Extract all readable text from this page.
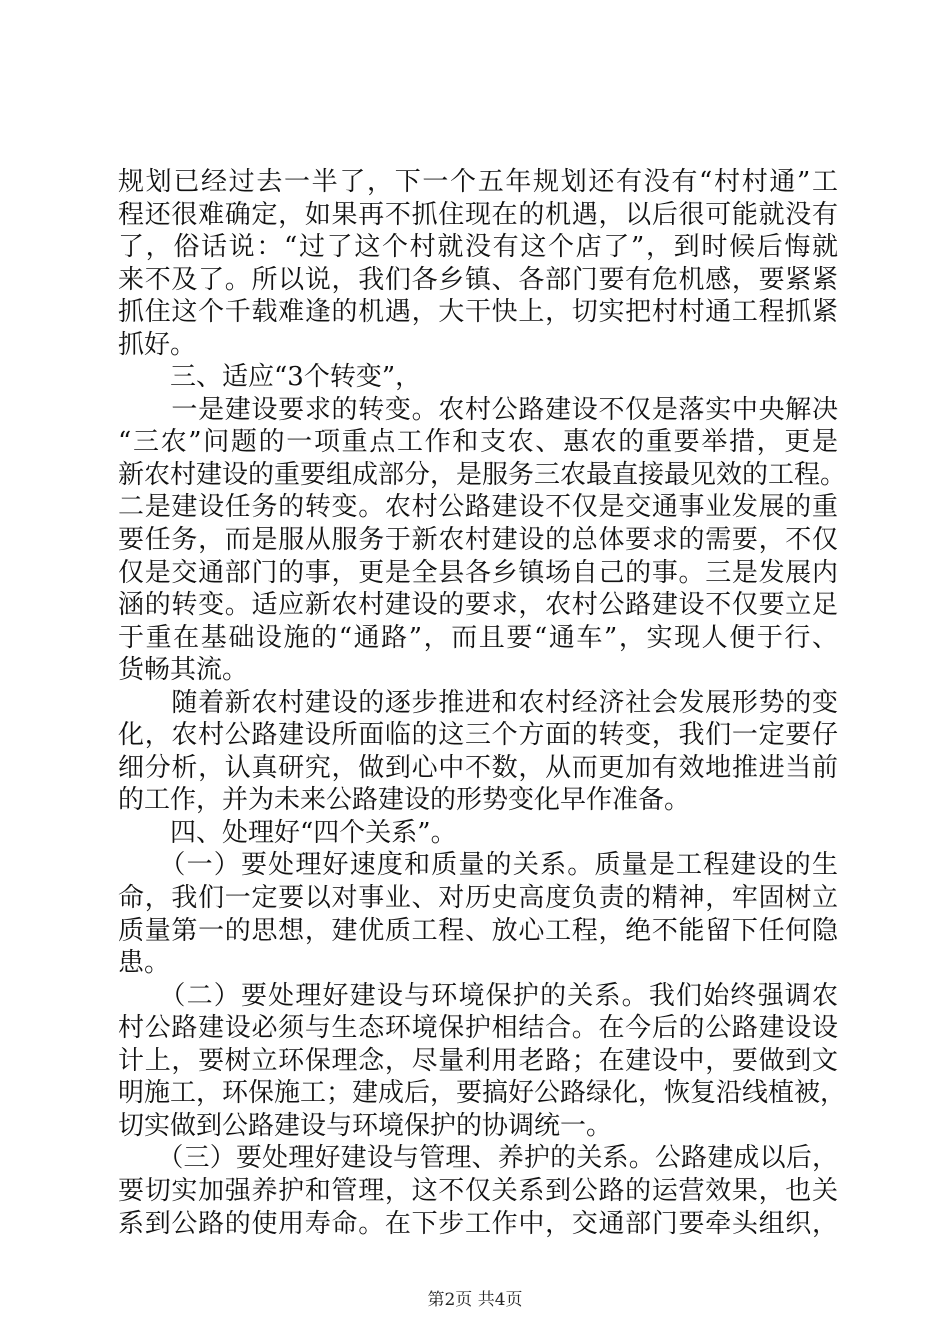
规划已经过去一半了，下一个五年规划还有没有“村村通”工
程还很难确定，如果再不抓住现在的机遇，以后很可能就没有
了，俗话说：“过了这个村就没有这个店了”，到时候后悔就
来不及了。所以说，我们各乡镇、各部门要有危机感，要紧紧
抓住这个千载难逢的机遇，大干快上，切实把村村通工程抓紧
抓好。
　　三、适应“3个转变”，
　　一是建设要求的转变。农村公路建设不仅是落实中央解决
“三农”问题的一项重点工作和支农、惠农的重要举措，更是
新农村建设的重要组成部分，是服务三农最直接最见效的工程。
二是建设任务的转变。农村公路建设不仅是交通事业发展的重
要任务，而是服从服务于新农村建设的总体要求的需要，不仅
仅是交通部门的事，更是全县各乡镇场自己的事。三是发展内
涵的转变。适应新农村建设的要求，农村公路建设不仅要立足
于重在基础设施的“通路”，而且要“通车”，实现人便于行、
货畅其流。
　　随着新农村建设的逐步推进和农村经济社会发展形势的变
化，农村公路建设所面临的这三个方面的转变，我们一定要仔
细分析，认真研究，做到心中不数，从而更加有效地推进当前
的工作，并为未来公路建设的形势变化早作准备。
　　四、处理好“四个关系”。
　　（一）要处理好速度和质量的关系。质量是工程建设的生
命，我们一定要以对事业、对历史高度负责的精神，牢固树立
质量第一的思想，建优质工程、放心工程，绝不能留下任何隐
患。
　　（二）要处理好建设与环境保护的关系。我们始终强调农
村公路建设必须与生态环境保护相结合。在今后的公路建设设
计上，要树立环保理念，尽量利用老路；在建设中，要做到文
明施工，环保施工；建成后，要搞好公路绿化，恢复沿线植被，
切实做到公路建设与环境保护的协调统一。
　　（三）要处理好建设与管理、养护的关系。公路建成以后，
要切实加强养护和管理，这不仅关系到公路的运营效果，也关
系到公路的使用寿命。在下步工作中，交通部门要牵头组织，
第2页 共4页
